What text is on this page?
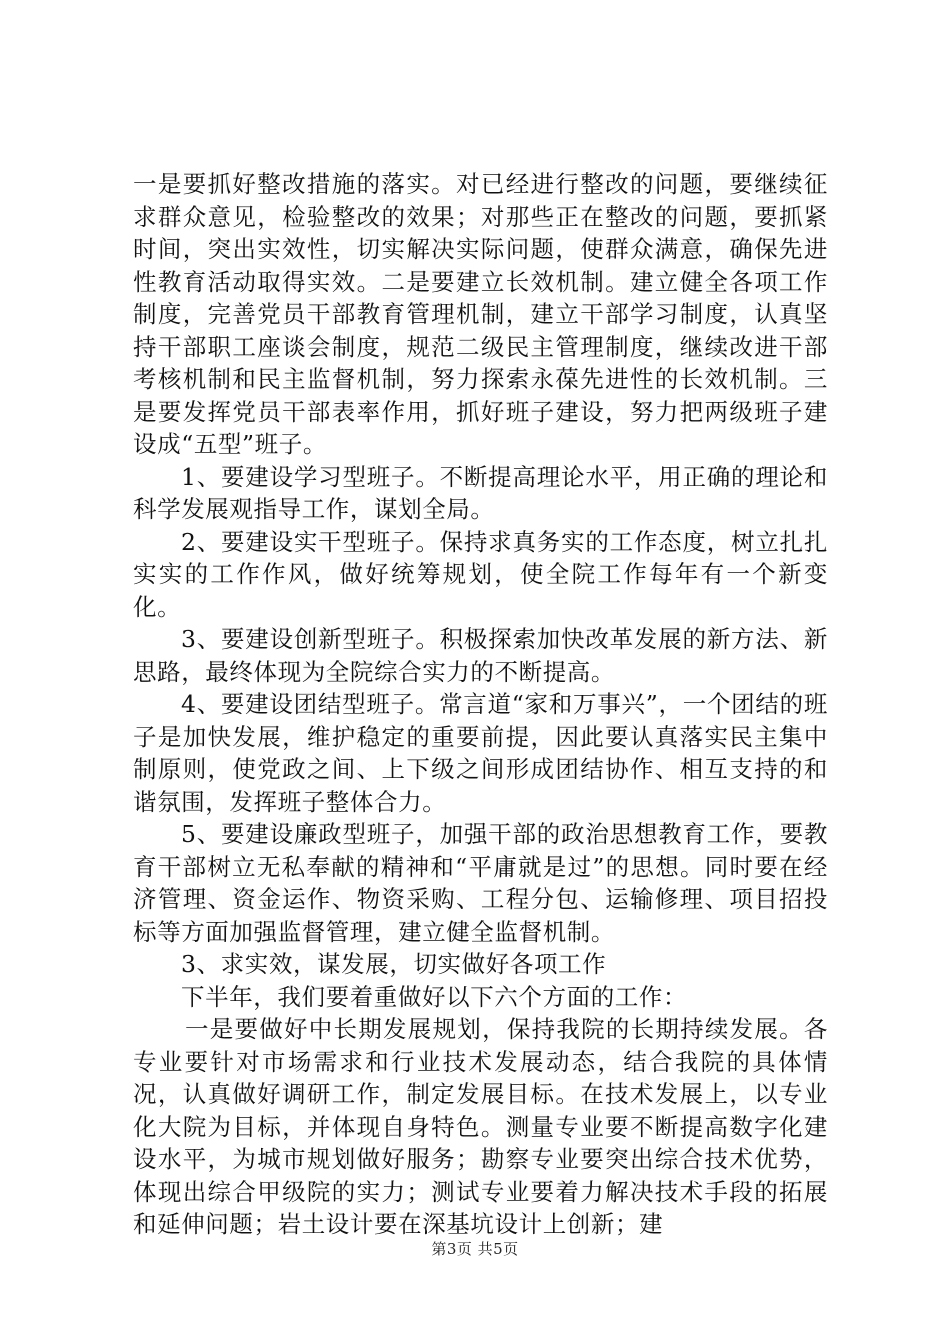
一是要抓好整改措施的落实。对已经进行整改的问题，要继续征求群众意见，检验整改的效果；对那些正在整改的问题，要抓紧时间，突出实效性，切实解决实际问题，使群众满意，确保先进性教育活动取得实效。二是要建立长效机制。建立健全各项工作制度，完善党员干部教育管理机制，建立干部学习制度，认真坚持干部职工座谈会制度，规范二级民主管理制度，继续改进干部考核机制和民主监督机制，努力探索永葆先进性的长效机制。三是要发挥党员干部表率作用，抓好班子建设，努力把两级班子建设成“五型”班子。

1、要建设学习型班子。不断提高理论水平，用正确的理论和科学发展观指导工作，谋划全局。

2、要建设实干型班子。保持求真务实的工作态度，树立扎扎实实的工作作风，做好统筹规划，使全院工作每年有一个新变化。

3、要建设创新型班子。积极探索加快改革发展的新方法、新思路，最终体现为全院综合实力的不断提高。

4、要建设团结型班子。常言道“家和万事兴”，一个团结的班子是加快发展，维护稳定的重要前提，因此要认真落实民主集中制原则，使党政之间、上下级之间形成团结协作、相互支持的和谐氛围，发挥班子整体合力。

5、要建设廉政型班子，加强干部的政治思想教育工作，要教育干部树立无私奉献的精神和“平庸就是过”的思想。同时要在经济管理、资金运作、物资采购、工程分包、运输修理、项目招投标等方面加强监督管理，建立健全监督机制。

3、求实效，谋发展，切实做好各项工作

下半年，我们要着重做好以下六个方面的工作：

一是要做好中长期发展规划，保持我院的长期持续发展。各专业要针对市场需求和行业技术发展动态，结合我院的具体情况，认真做好调研工作，制定发展目标。在技术发展上，以专业化大院为目标，并体现自身特色。测量专业要不断提高数字化建设水平，为城市规划做好服务；勘察专业要突出综合技术优势，体现出综合甲级院的实力；测试专业要着力解决技术手段的拓展和延伸问题；岩土设计要在深基坑设计上创新；建

第3页 共5页
